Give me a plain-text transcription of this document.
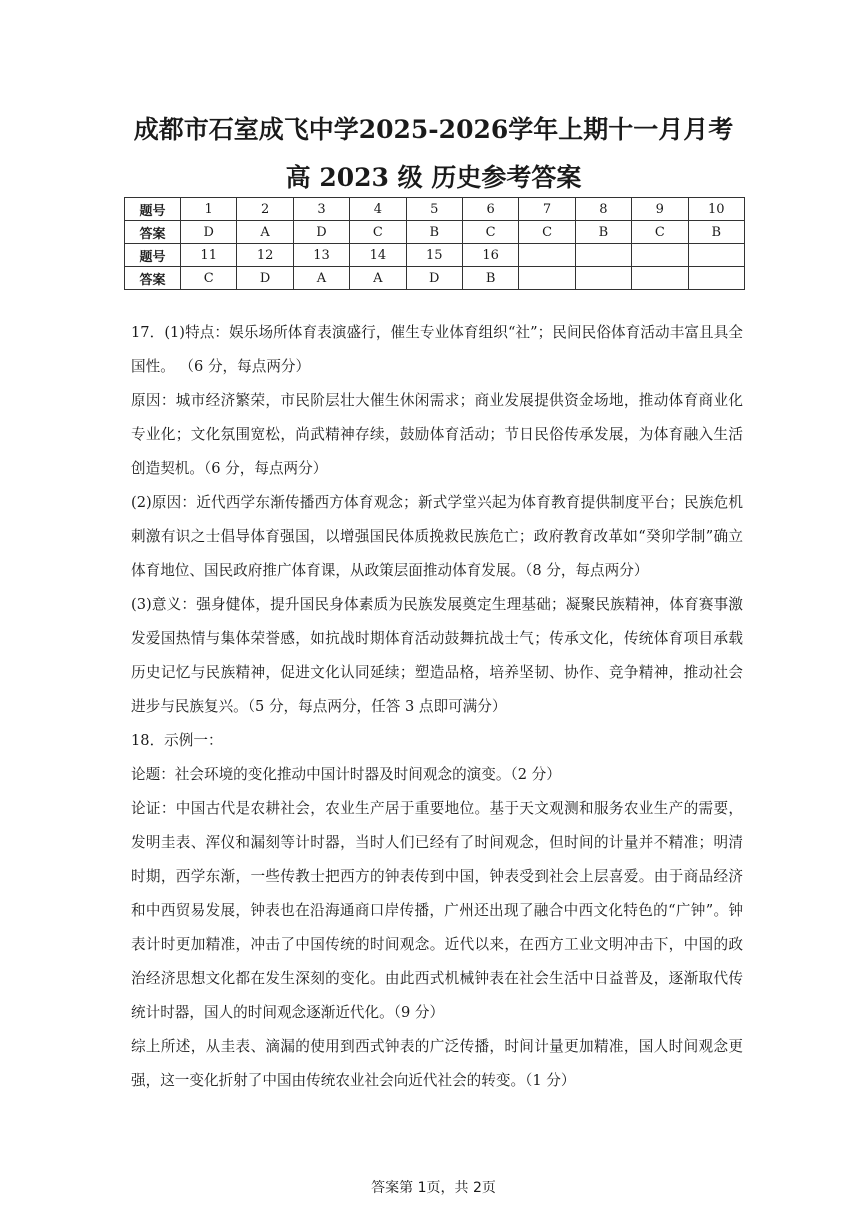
成都市石室成飞中学2025-2026学年上期十一月月考
高 2023 级 历史参考答案
题号	1	2	3	4	5	6	7	8	9	10
答案	D	A	D	C	B	C	C	B	C	B
题号	11	12	13	14	15	16				
答案	C	D	A	A	D	B				

17．(1)特点：娱乐场所体育表演盛行，催生专业体育组织“社”；民间民俗体育活动丰富且具全国性。 （6 分，每点两分）

原因：城市经济繁荣，市民阶层壮大催生休闲需求；商业发展提供资金场地，推动体育商业化专业化；文化氛围宽松，尚武精神存续，鼓励体育活动；节日民俗传承发展，为体育融入生活创造契机。（6 分，每点两分）

(2)原因：近代西学东渐传播西方体育观念；新式学堂兴起为体育教育提供制度平台；民族危机刺激有识之士倡导体育强国，以增强国民体质挽救民族危亡；政府教育改革如“癸卯学制”确立体育地位、国民政府推广体育课，从政策层面推动体育发展。（8 分，每点两分）

(3)意义：强身健体，提升国民身体素质为民族发展奠定生理基础；凝聚民族精神，体育赛事激发爱国热情与集体荣誉感，如抗战时期体育活动鼓舞抗战士气；传承文化，传统体育项目承载历史记忆与民族精神，促进文化认同延续；塑造品格，培养坚韧、协作、竞争精神，推动社会进步与民族复兴。（5 分，每点两分，任答 3 点即可满分）

18．示例一：

论题：社会环境的变化推动中国计时器及时间观念的演变。（2 分）

论证：中国古代是农耕社会，农业生产居于重要地位。基于天文观测和服务农业生产的需要，发明圭表、浑仪和漏刻等计时器，当时人们已经有了时间观念，但时间的计量并不精准；明清时期，西学东渐，一些传教士把西方的钟表传到中国，钟表受到社会上层喜爱。由于商品经济和中西贸易发展，钟表也在沿海通商口岸传播，广州还出现了融合中西文化特色的“广钟”。钟表计时更加精准，冲击了中国传统的时间观念。近代以来，在西方工业文明冲击下，中国的政治经济思想文化都在发生深刻的变化。由此西式机械钟表在社会生活中日益普及，逐渐取代传统计时器，国人的时间观念逐渐近代化。（9 分）

综上所述，从圭表、滴漏的使用到西式钟表的广泛传播，时间计量更加精准，国人时间观念更强，这一变化折射了中国由传统农业社会向近代社会的转变。（1 分）

答案第 1页，共 2页
